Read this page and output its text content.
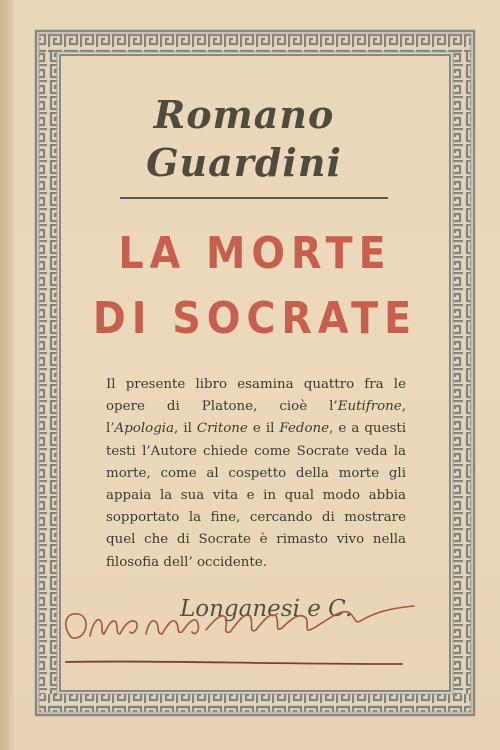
Romano
Guardini
LA MORTE
DI SOCRATE

Il presente libro esamina quattro fra le opere di Platone, cioè l’Eutifrone, l’Apologia, il Critone e il Fedone, e a questi testi l’Autore chiede come Socrate veda la morte, come al cospetto della morte gli appaia la sua vita e in qual modo abbia sopportato la fine, cercando di mostrare quel che di Socrate è rimasto vivo nella filosofia dell’ occidente.

Longanesi e C.
